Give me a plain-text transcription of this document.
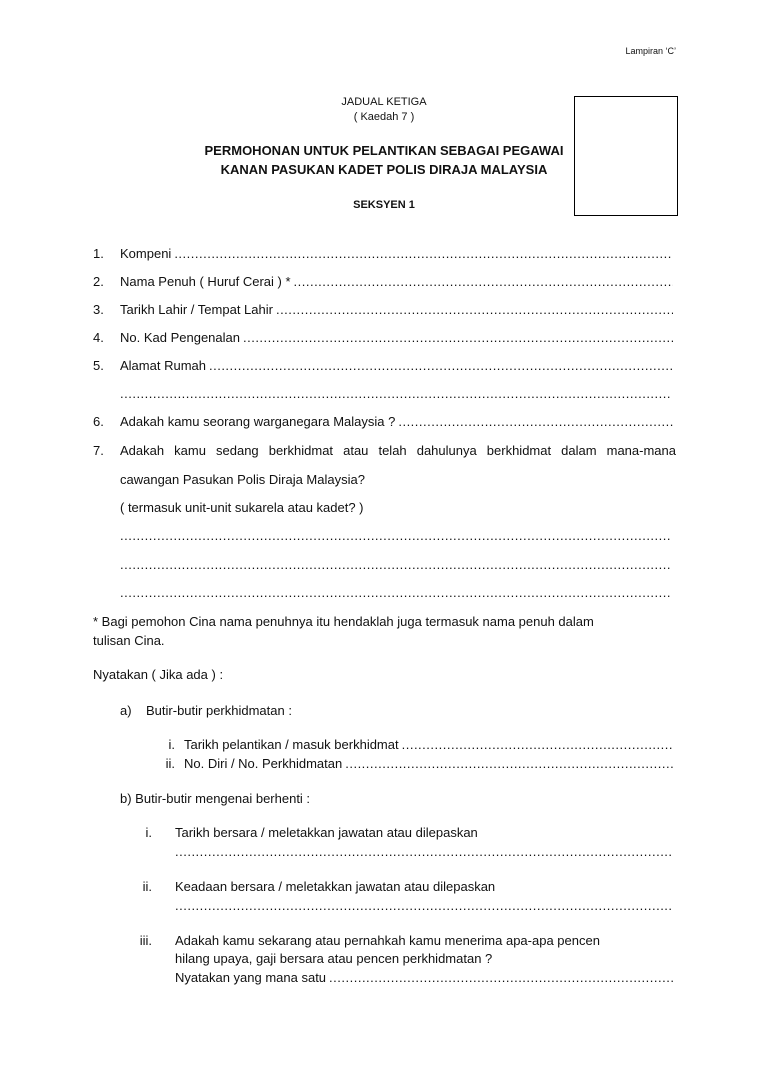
Lampiran ‘C’
JADUAL KETIGA
( Kaedah 7 )
PERMOHONAN UNTUK PELANTIKAN SEBAGAI PEGAWAI
KANAN PASUKAN KADET POLIS DIRAJA MALAYSIA
SEKSYEN 1
1.	Kompeni
.....
2.	Nama Penuh ( Huruf Cerai ) *
.....
3.	Tarikh Lahir / Tempat Lahir
.....
4.	No. Kad Pengenalan
.....
5.	Alamat Rumah
.....
.....
6.	Adakah kamu seorang warganegara Malaysia ?
.....
7. Adakah kamu sedang berkhidmat atau telah dahulunya berkhidmat dalam mana-mana
cawangan Pasukan Polis Diraja Malaysia?
( termasuk unit-unit sukarela atau kadet? )
.....
.....
.....
* Bagi pemohon Cina nama penuhnya itu hendaklah juga termasuk nama penuh dalam
tulisan Cina.
Nyatakan ( Jika ada ) :
a)    Butir-butir perkhidmatan :
i. Tarikh pelantikan / masuk berkhidmat
.....
ii. No. Diri / No. Perkhidmatan
.....
b) Butir-butir mengenai berhenti :
i. Tarikh bersara / meletakkan jawatan atau dilepaskan
.....
ii. Keadaan bersara / meletakkan jawatan atau dilepaskan
.....
iii. Adakah kamu sekarang atau pernahkah kamu menerima apa-apa pencen
hilang upaya, gaji bersara atau pencen perkhidmatan ?
Nyatakan yang mana satu
.....
